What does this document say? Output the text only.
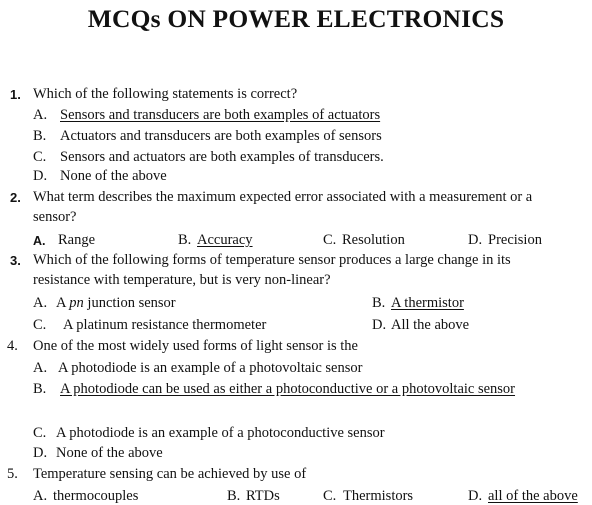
MCQs ON POWER ELECTRONICS
1. Which of the following statements is correct?
A. Sensors and transducers are both examples of actuators
B. Actuators and transducers are both examples of sensors
C. Sensors and actuators are both examples of transducers.
D. None of the above
2. What term describes the maximum expected error associated with a measurement or a
sensor?
A. Range	B. Accuracy	C. Resolution	D. Precision
3. Which of the following forms of temperature sensor produces a large change in its
resistance with temperature, but is very non-linear?
A. A pn junction sensor	B. A thermistor
C. A platinum resistance thermometer	D. All the above
4. One of the most widely used forms of light sensor is the
A. A photodiode is an example of a photovoltaic sensor
B. A photodiode can be used as either a photoconductive or a photovoltaic sensor
C. A photodiode is an example of a photoconductive sensor
D. None of the above
5. Temperature sensing can be achieved by use of
A. thermocouples	B. RTDs	C. Thermistors	D. all of the above
